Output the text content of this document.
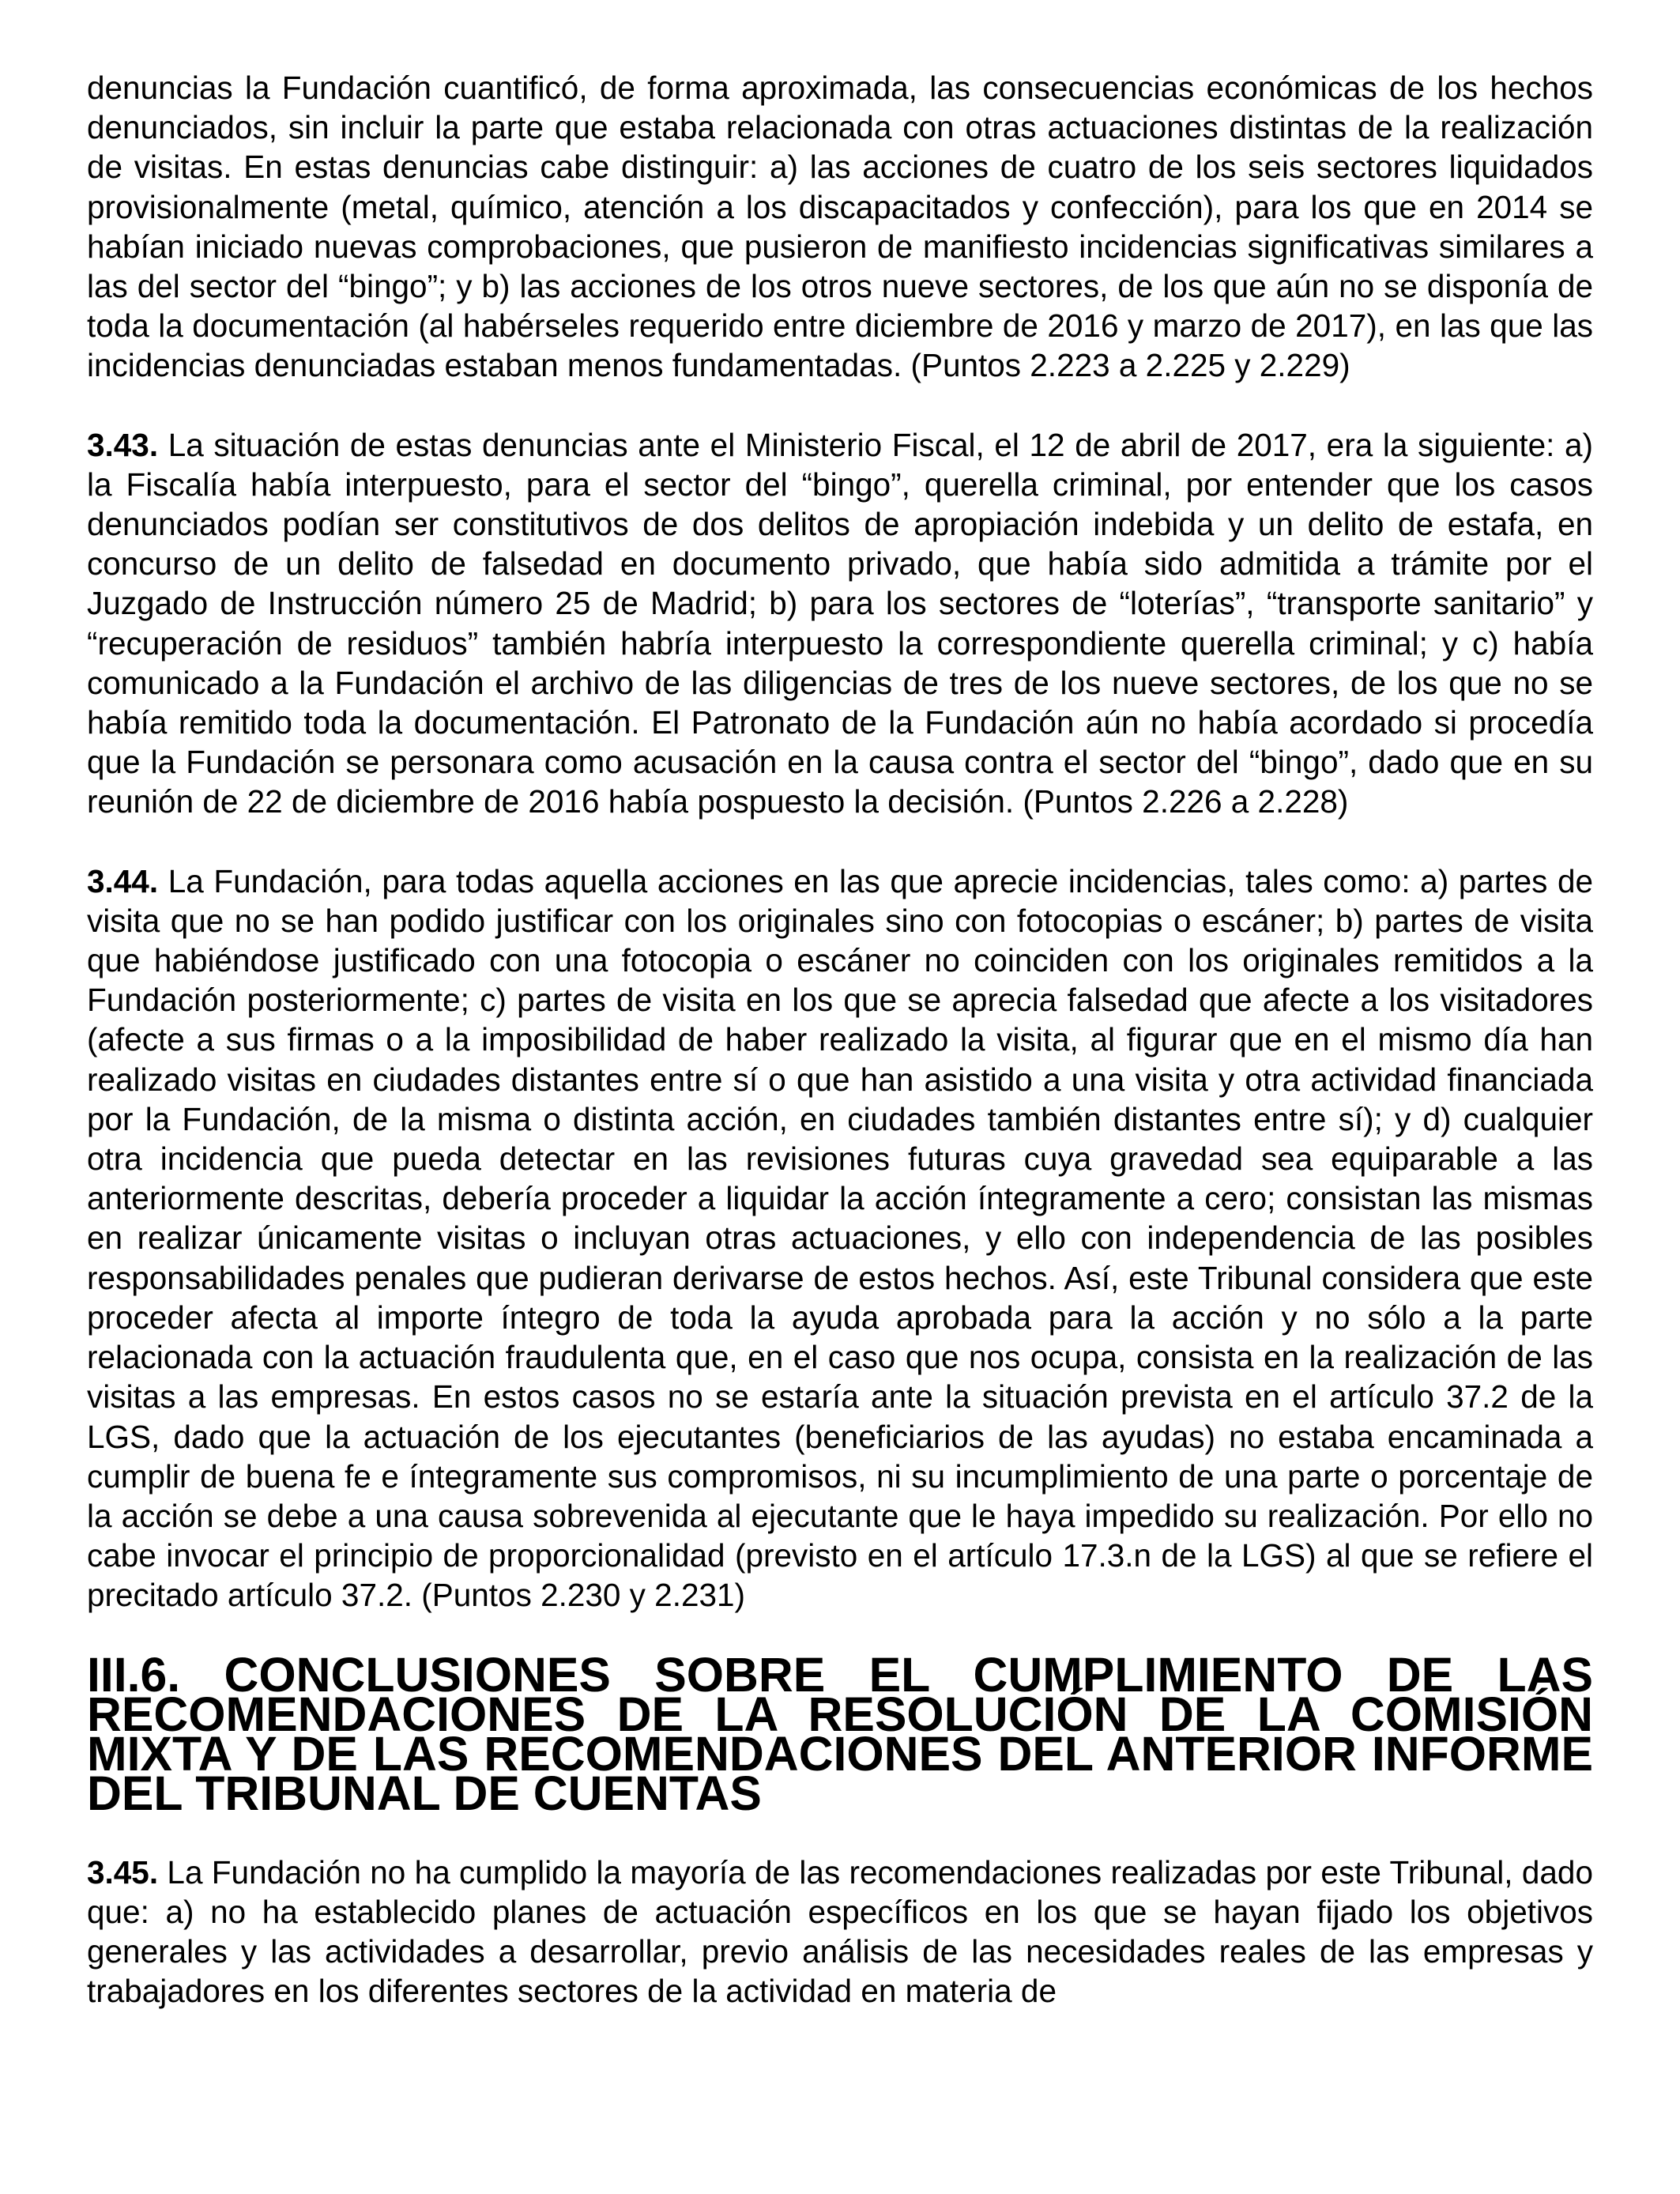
denuncias la Fundación cuantificó, de forma aproximada, las consecuencias económicas de los hechos denunciados, sin incluir la parte que estaba relacionada con otras actuaciones distintas de la realización de visitas. En estas denuncias cabe distinguir: a) las acciones de cuatro de los seis sectores liquidados provisionalmente (metal, químico, atención a los discapacitados y confección), para los que en 2014 se habían iniciado nuevas comprobaciones, que pusieron de manifiesto incidencias significativas similares a las del sector del “bingo”; y b) las acciones de los otros nueve sectores, de los que aún no se disponía de toda la documentación (al habérseles requerido entre diciembre de 2016 y marzo de 2017), en las que las incidencias denunciadas estaban menos fundamentadas. (Puntos 2.223 a 2.225 y 2.229)

3.43. La situación de estas denuncias ante el Ministerio Fiscal, el 12 de abril de 2017, era la siguiente: a) la Fiscalía había interpuesto, para el sector del “bingo”, querella criminal, por entender que los casos denunciados podían ser constitutivos de dos delitos de apropiación indebida y un delito de estafa, en concurso de un delito de falsedad en documento privado, que había sido admitida a trámite por el Juzgado de Instrucción número 25 de Madrid; b) para los sectores de “loterías”, “transporte sanitario” y “recuperación de residuos” también habría interpuesto la correspondiente querella criminal; y c) había comunicado a la Fundación el archivo de las diligencias de tres de los nueve sectores, de los que no se había remitido toda la documentación. El Patronato de la Fundación aún no había acordado si procedía que la Fundación se personara como acusación en la causa contra el sector del “bingo”, dado que en su reunión de 22 de diciembre de 2016 había pospuesto la decisión. (Puntos 2.226 a 2.228)

3.44. La Fundación, para todas aquella acciones en las que aprecie incidencias, tales como: a) partes de visita que no se han podido justificar con los originales sino con fotocopias o escáner; b) partes de visita que habiéndose justificado con una fotocopia o escáner no coinciden con los originales remitidos a la Fundación posteriormente; c) partes de visita en los que se aprecia falsedad que afecte a los visitadores (afecte a sus firmas o a la imposibilidad de haber realizado la visita, al figurar que en el mismo día han realizado visitas en ciudades distantes entre sí o que han asistido a una visita y otra actividad financiada por la Fundación, de la misma o distinta acción, en ciudades también distantes entre sí); y d) cualquier otra incidencia que pueda detectar en las revisiones futuras cuya gravedad sea equiparable a las anteriormente descritas, debería proceder a liquidar la acción íntegramente a cero; consistan las mismas en realizar únicamente visitas o incluyan otras actuaciones, y ello con independencia de las posibles responsabilidades penales que pudieran derivarse de estos hechos. Así, este Tribunal considera que este proceder afecta al importe íntegro de toda la ayuda aprobada para la acción y no sólo a la parte relacionada con la actuación fraudulenta que, en el caso que nos ocupa, consista en la realización de las visitas a las empresas. En estos casos no se estaría ante la situación prevista en el artículo 37.2 de la LGS, dado que la actuación de los ejecutantes (beneficiarios de las ayudas) no estaba encaminada a cumplir de buena fe e íntegramente sus compromisos, ni su incumplimiento de una parte o porcentaje de la acción se debe a una causa sobrevenida al ejecutante que le haya impedido su realización. Por ello no cabe invocar el principio de proporcionalidad (previsto en el artículo 17.3.n de la LGS) al que se refiere el precitado artículo 37.2. (Puntos 2.230 y 2.231)

III.6. CONCLUSIONES SOBRE EL CUMPLIMIENTO DE LAS RECOMENDACIONES DE LA RESOLUCIÓN DE LA COMISIÓN MIXTA Y DE LAS RECOMENDACIONES DEL ANTERIOR INFORME DEL TRIBUNAL DE CUENTAS

3.45. La Fundación no ha cumplido la mayoría de las recomendaciones realizadas por este Tribunal, dado que: a) no ha establecido planes de actuación específicos en los que se hayan fijado los objetivos generales y las actividades a desarrollar, previo análisis de las necesidades reales de las empresas y trabajadores en los diferentes sectores de la actividad en materia de
